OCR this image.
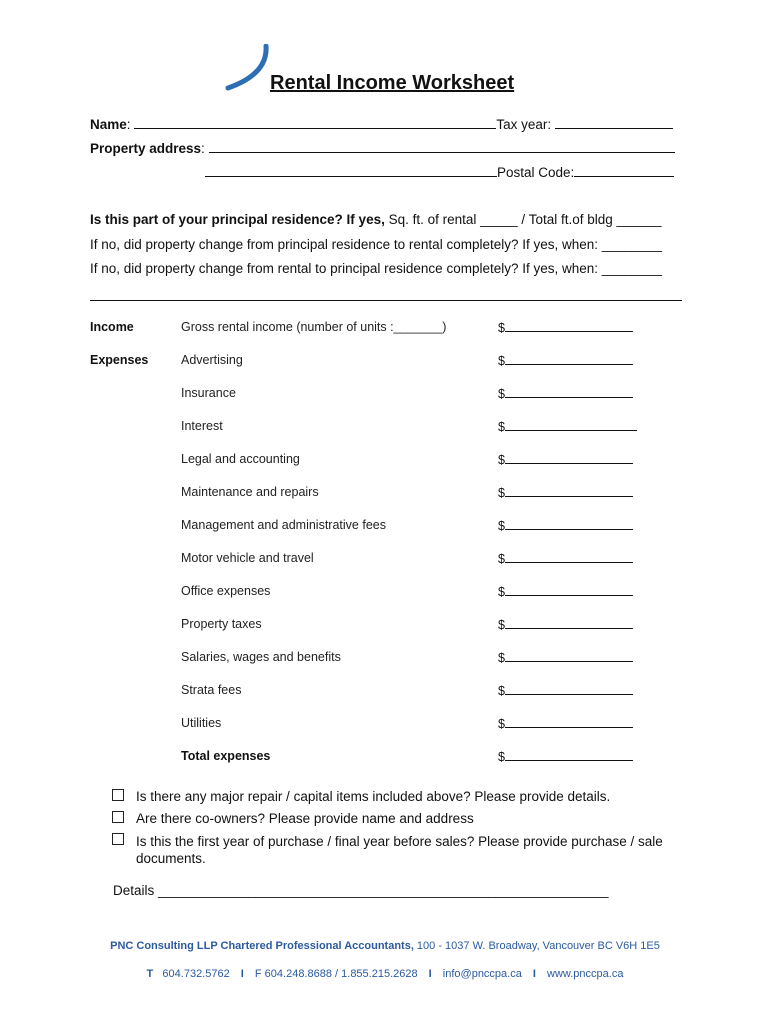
Rental Income Worksheet
Name:	Tax year:
Property address:
Postal Code:
Is this part of your principal residence? If yes, Sq. ft. of rental _____ / Total ft.of bldg ______
If no, did property change from principal residence to rental completely? If yes, when: ________
If no, did property change from rental to principal residence completely? If yes, when: ________
Income	Gross rental income (number of units :_______)	$
Expenses	Advertising	$
Insurance	$
Interest	$
Legal and accounting	$
Maintenance and repairs	$
Management and administrative fees	$
Motor vehicle and travel	$
Office expenses	$
Property taxes	$
Salaries, wages and benefits	$
Strata fees	$
Utilities	$
Total expenses	$
Is there any major repair / capital items included above? Please provide details.
Are there co-owners? Please provide name and address
Is this the first year of purchase / final year before sales? Please provide purchase / sale documents.
Details ____________________________________________________________
PNC Consulting LLP Chartered Professional Accountants, 100 - 1037 W. Broadway, Vancouver BC V6H 1E5
T 604.732.5762 I F 604.248.8688 / 1.855.215.2628 I info@pnccpa.ca I www.pnccpa.ca
